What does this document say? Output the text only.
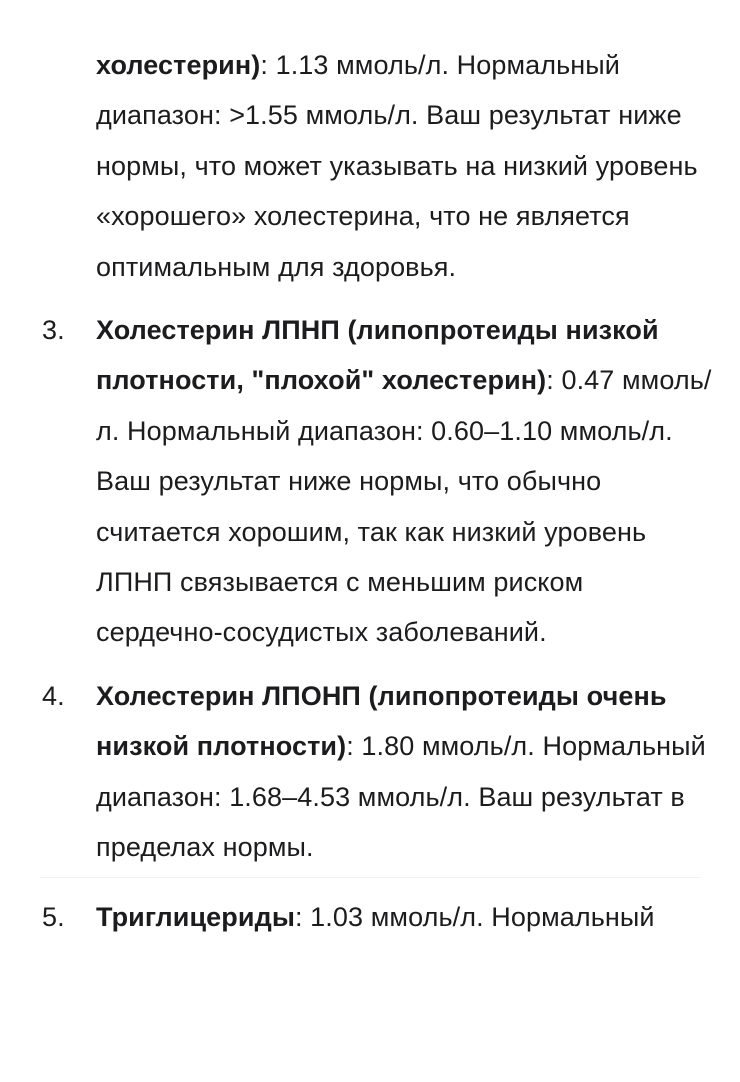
холестерин): 1.13 ммоль/л. Нормальный диапазон: >1.55 ммоль/л. Ваш результат ниже нормы, что может указывать на низкий уровень «хорошего» холестерина, что не является оптимальным для здоровья.
3.	Холестерин ЛПНП (липопротеиды низкой плотности, "плохой" холестерин): 0.47 ммоль/л. Нормальный диапазон: 0.60–1.10 ммоль/л. Ваш результат ниже нормы, что обычно считается хорошим, так как низкий уровень ЛПНП связывается с меньшим риском сердечно-сосудистых заболеваний.
4.	Холестерин ЛПОНП (липопротеиды очень низкой плотности): 1.80 ммоль/л. Нормальный диапазон: 1.68–4.53 ммоль/л. Ваш результат в пределах нормы.
5.	Триглицериды: 1.03 ммоль/л. Нормальный
